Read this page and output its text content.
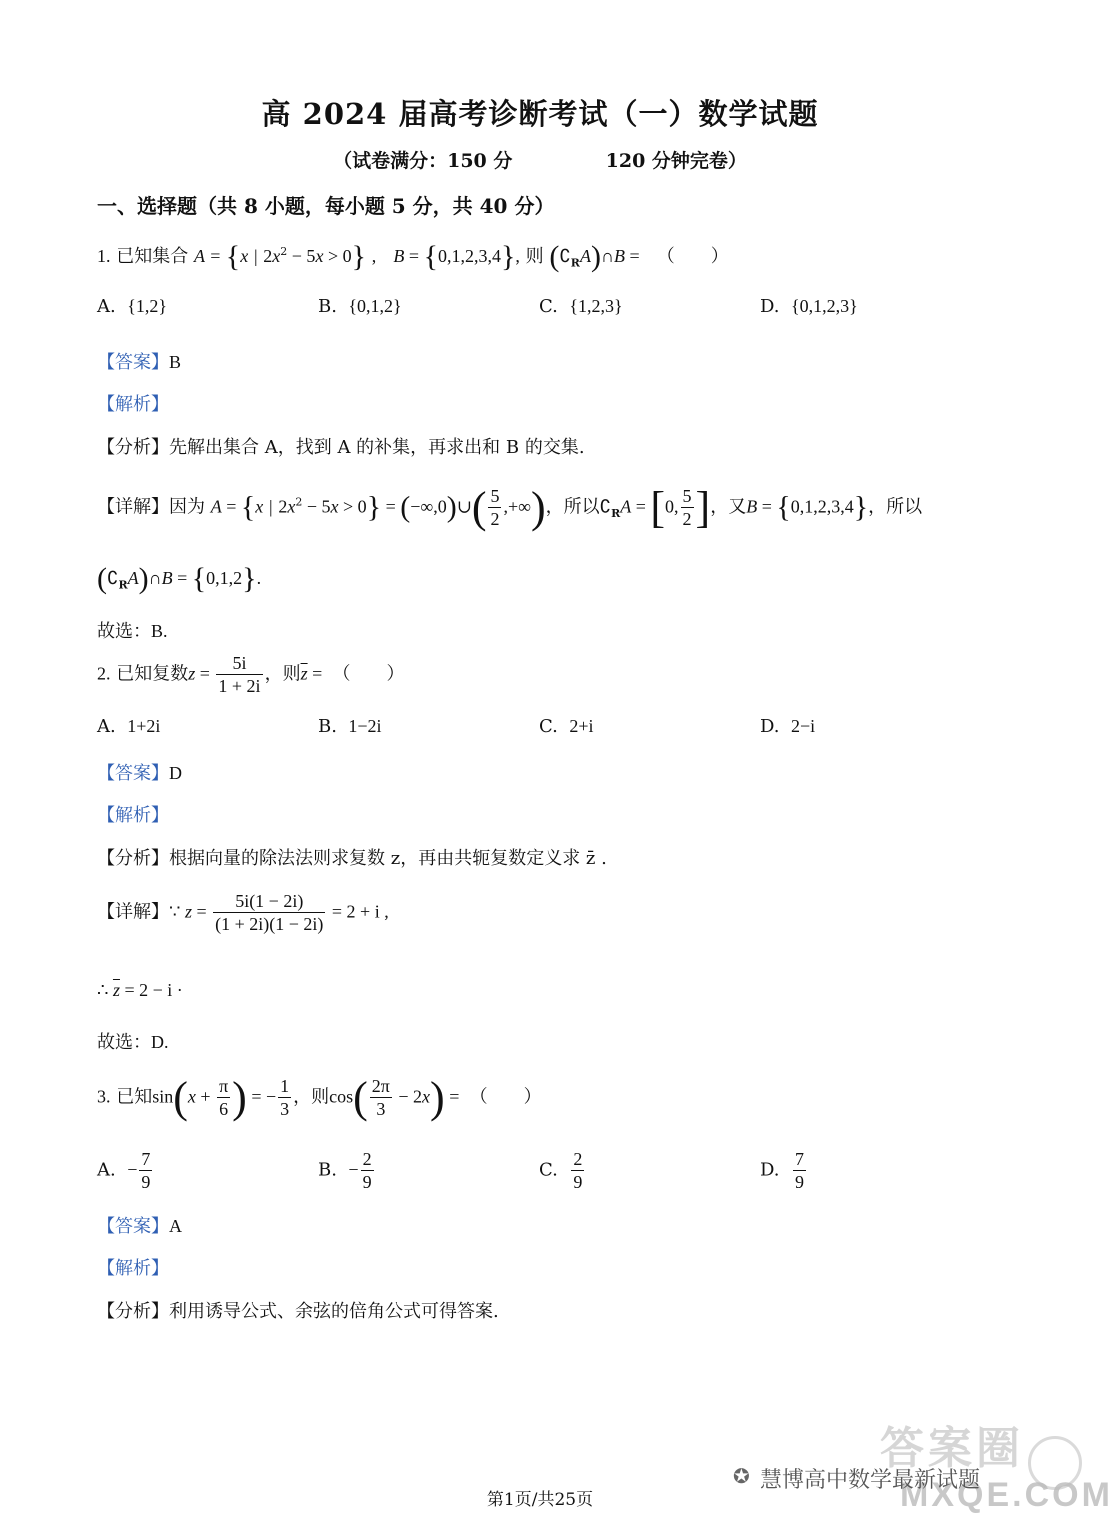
高 2024 届高考诊断考试（一）数学试题
（试卷满分：150 分	120 分钟完卷）
一、选择题（共 8 小题，每小题 5 分，共 40 分）
1. 已知集合 A = {x | $2x^2 - 5x > 0$} , B = {0,1,2,3,4}, 则 $(∁_RA)\cap B$ = （　　）
A. {1,2}	B. {0,1,2}	C. {1,2,3}	D. {0,1,2,3}
【答案】B
【解析】
【分析】先解出集合 A，找到 A 的补集，再求出和 B 的交集.
【详解】因为 A = {x | $2x^2 - 5x > 0$} = (−∞,0)∪( $\frac{5}{2}$ ,+∞)，所以$∁_RA = [0$, $\frac{5}{2}$ ]，又B = {0,1,2,3,4}，所以
$(∁_RA)\cap B = \{0,1,2\}$.
故选：B.
2. 已知复数$z = \frac{5i}{1 + 2i}$ ，则$\overline{z}$ =  （　　）
A. 1+2i	B. 1−2i	C. 2+i	D. 2−i
【答案】D
【解析】
【分析】根据向量的除法法则求复数 z，再由共轭复数定义求 z̄ .
【详解】∵ $z = \frac{5i(1 - 2i)}{(1 + 2i)(1 - 2i)} = 2 + i$ ,
∴ $\overline{z} = 2 - i$ ·
故选：D.
3. 已知$\sin(x + \frac{\pi}{6}$ ) = − $\frac{1}{3}$ ，则$\cos( \frac{2\pi}{3} - 2x)$ =  （　　）
A. − $\frac{7}{9}$	B. − $\frac{2}{9}$	C. $\frac{2}{9}$	D. $\frac{7}{9}$
【答案】A
【解析】
【分析】利用诱导公式、余弦的倍角公式可得答案.
答案圈
MXQE.COM
✪ 慧博高中数学最新试题
第1页/共25页
